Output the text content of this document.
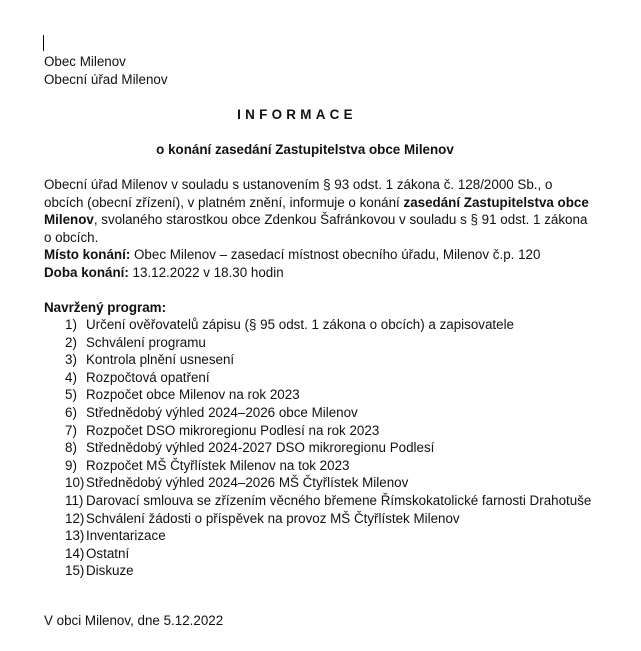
Obec Milenov
Obecní úřad Milenov
INFORMACE
o konání zasedání Zastupitelstva obce Milenov

Obecní úřad Milenov v souladu s ustanovením § 93 odst. 1 zákona č. 128/2000 Sb., o obcích (obecní zřízení), v platném znění, informuje o konání zasedání Zastupitelstva obce Milenov, svolaného starostkou obce Zdenkou Šafránkovou v souladu s § 91 odst. 1 zákona o obcích.

Místo konání: Obec Milenov – zasedací místnost obecního úřadu, Milenov č.p. 120
Doba konání: 13.12.2022 v 18.30 hodin
Navržený program:
1) Určení ověřovatelů zápisu (§ 95 odst. 1 zákona o obcích) a zapisovatele
2) Schválení programu
3) Kontrola plnění usnesení
4) Rozpočtová opatření
5) Rozpočet obce Milenov na rok 2023
6) Střednědobý výhled 2024–2026 obce Milenov
7) Rozpočet DSO mikroregionu Podlesí na rok 2023
8) Střednědobý výhled 2024-2027 DSO mikroregionu Podlesí
9) Rozpočet MŠ Čtyřlístek Milenov na tok 2023
10) Střednědobý výhled 2024–2026 MŠ Čtyřlístek Milenov
11) Darovací smlouva se zřízením věcného břemene Římskokatolické farnosti Drahotuše
12) Schválení žádosti o příspěvek na provoz MŠ Čtyřlístek Milenov
13) Inventarizace
14) Ostatní
15) Diskuze
V obci Milenov, dne 5.12.2022
